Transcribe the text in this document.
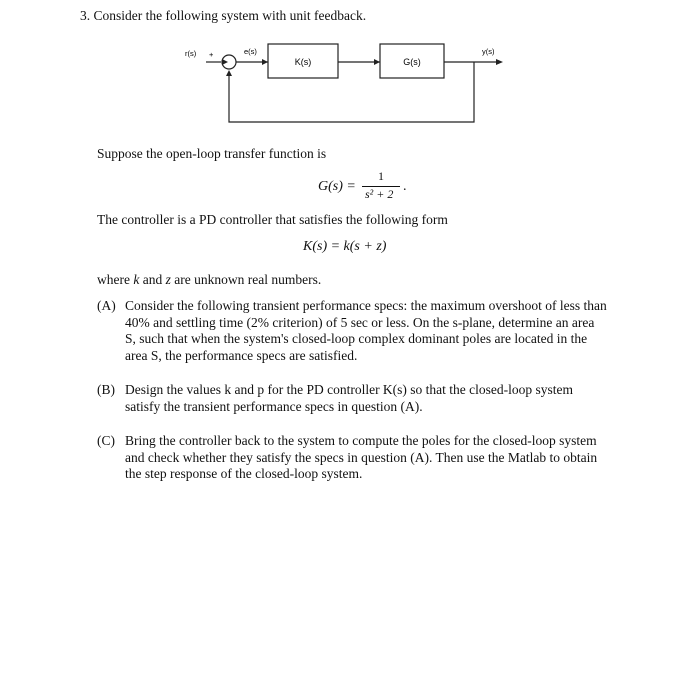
3. Consider the following system with unit feedback.
r(s) +	e(s)
K(s)	G(s)
y(s)
Suppose the open-loop transfer function is
G(s) =
1
s² + 2 .
The controller is a PD controller that satisfies the following form
K(s) = k(s + z)
where k and z are unknown real numbers.
(A) Consider the following transient performance specs: the maximum overshoot of less than
40% and settling time (2% criterion) of 5 sec or less. On the s-plane, determine an area
S, such that when the system's closed-loop complex dominant poles are located in the
area S, the performance specs are satisfied.
(B) Design the values k and p for the PD controller K(s) so that the closed-loop system
satisfy the transient performance specs in question (A).
(C) Bring the controller back to the system to compute the poles for the closed-loop system
and check whether they satisfy the specs in question (A). Then use the Matlab to obtain
the step response of the closed-loop system.
